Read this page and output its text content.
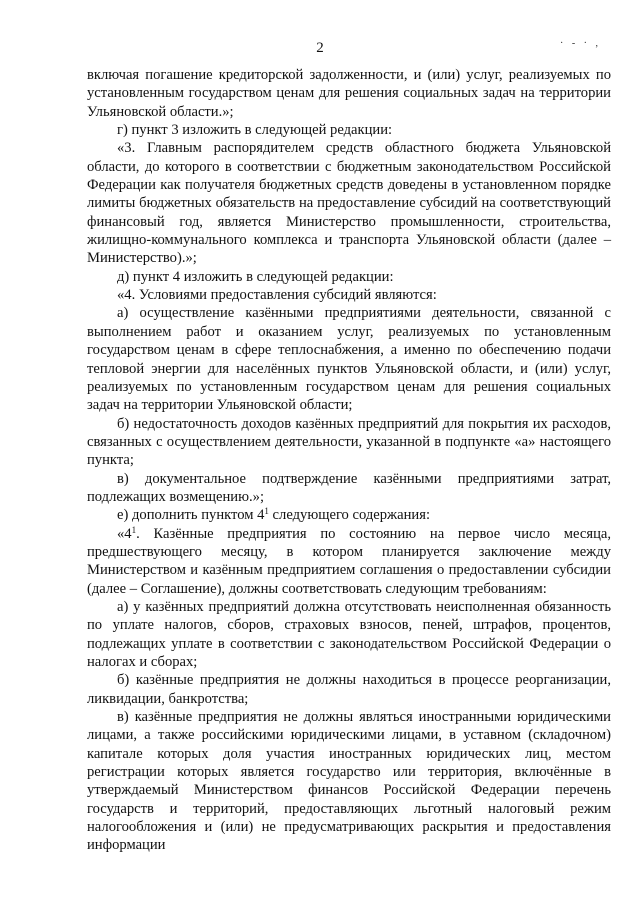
2	· - · ,

включая погашение кредиторской задолженности, и (или) услуг, реализуемых по установленным государством ценам для решения социальных задач на территории Ульяновской области.»;

г) пункт 3 изложить в следующей редакции:

«3. Главным распорядителем средств областного бюджета Ульяновской области, до которого в соответствии с бюджетным законодательством Российской Федерации как получателя бюджетных средств доведены в установленном порядке лимиты бюджетных обязательств на предоставление субсидий на соответствующий финансовый год, является Министерство промышленности, строительства, жилищно-коммунального комплекса и транспорта Ульяновской области (далее – Министерство).»;

д) пункт 4 изложить в следующей редакции:

«4. Условиями предоставления субсидий являются:

а) осуществление казёнными предприятиями деятельности, связанной с выполнением работ и оказанием услуг, реализуемых по установленным государством ценам в сфере теплоснабжения, а именно по обеспечению подачи тепловой энергии для населённых пунктов Ульяновской области, и (или) услуг, реализуемых по установленным государством ценам для решения социальных задач на территории Ульяновской области;

б) недостаточность доходов казённых предприятий для покрытия их расходов, связанных с осуществлением деятельности, указанной в подпункте «а» настоящего пункта;

в) документальное подтверждение казёнными предприятиями затрат, подлежащих возмещению.»;

е) дополнить пунктом $4^1$ следующего содержания:

«$4^1$. Казённые предприятия по состоянию на первое число месяца, предшествующего месяцу, в котором планируется заключение между Министерством и казённым предприятием соглашения о предоставлении субсидии (далее – Соглашение), должны соответствовать следующим требованиям:

а) у казённых предприятий должна отсутствовать неисполненная обязанность по уплате налогов, сборов, страховых взносов, пеней, штрафов, процентов, подлежащих уплате в соответствии с законодательством Российской Федерации о налогах и сборах;

б) казённые предприятия не должны находиться в процессе реорганизации, ликвидации, банкротства;

в) казённые предприятия не должны являться иностранными юридическими лицами, а также российскими юридическими лицами, в уставном (складочном) капитале которых доля участия иностранных юридических лиц, местом регистрации которых является государство или территория, включённые в утверждаемый Министерством финансов Российской Федерации перечень государств и территорий, предоставляющих льготный налоговый режим налогообложения и (или) не предусматривающих раскрытия и предоставления информации
